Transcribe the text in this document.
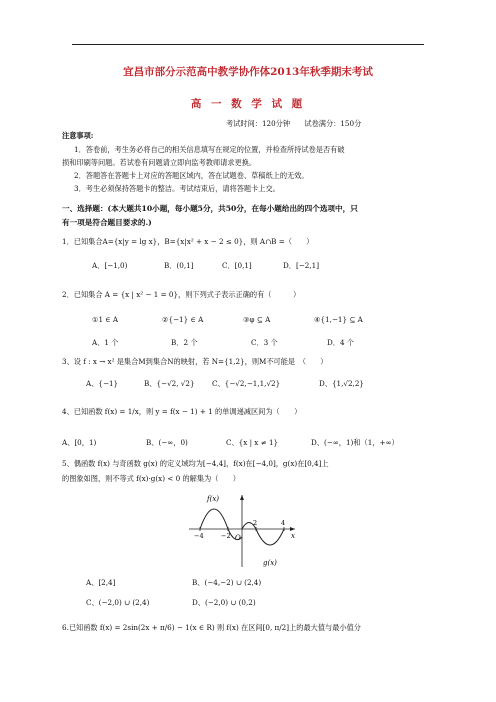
宜昌市部分示范高中教学协作体2013年秋季期末考试
高 一 数 学 试 题
考试时间：120分钟　　试卷满分：150分
注意事项:
1．答卷前，考生务必将自己的相关信息填写在规定的位置，并检查所持试卷是否有破
损和印刷等问题。若试卷有问题请立即向监考教师请求更换。
2．答题答在答题卡上对应的答题区域内，答在试题卷、草稿纸上的无效。
3．考生必须保持答题卡的整洁。考试结束后，请将答题卡上交。
一、选择题：(本大题共10小题，每小题5分，共50分，在每小题给出的四个选项中，只
有一项是符合题目要求的.)
1．已知集合A={x|y = lg x}，B={x|x² + x − 2 ≤ 0}，则 A∩B =（　　）
A．[−1,0)	B．(0,1]	C．[0,1]	D．[−2,1]
2．已知集合 A = {x | x² − 1 = 0}，则下列式子表示正确的有（　　　）
①1 ∈ A	②{−1} ∈ A	③φ ⊆ A	④{1,−1} ⊆ A
A．1 个	B．2 个	C．3 个	D．4 个
3、设 f : x → x² 是集合M到集合N的映射，若 N={1,2}，则M不可能是　（　　）
A、{−1}	B、{−√2, √2} C、{−√2,−1,1,√2}	D、{1,√2,2}
4、已知函数 f(x) = 1/x，则 y = f(x − 1) + 1 的单调递减区间为（　　）
A、[0，1)	B、(−∞，0)	C、{x | x ≠ 1}	D、(−∞，1)和（1，+∞）
5、偶函数 f(x) 与奇函数 g(x) 的定义域均为[−4,4]，f(x)在[−4,0]，g(x)在[0,4]上
的图象如图，则不等式 f(x)·g(x) < 0 的解集为（　　）
f(x)
g(x)
x
O
−4	−2
2	4
A、[2,4]	B、(−4,−2) ∪ (2,4)
C、(−2,0) ∪ (2,4)	D、(−2,0) ∪ (0,2)
6.已知函数 f(x) = 2sin(2x + π/6) − 1(x ∈ R) 则 f(x) 在区间[0, π/2]上的最大值与最小值分
